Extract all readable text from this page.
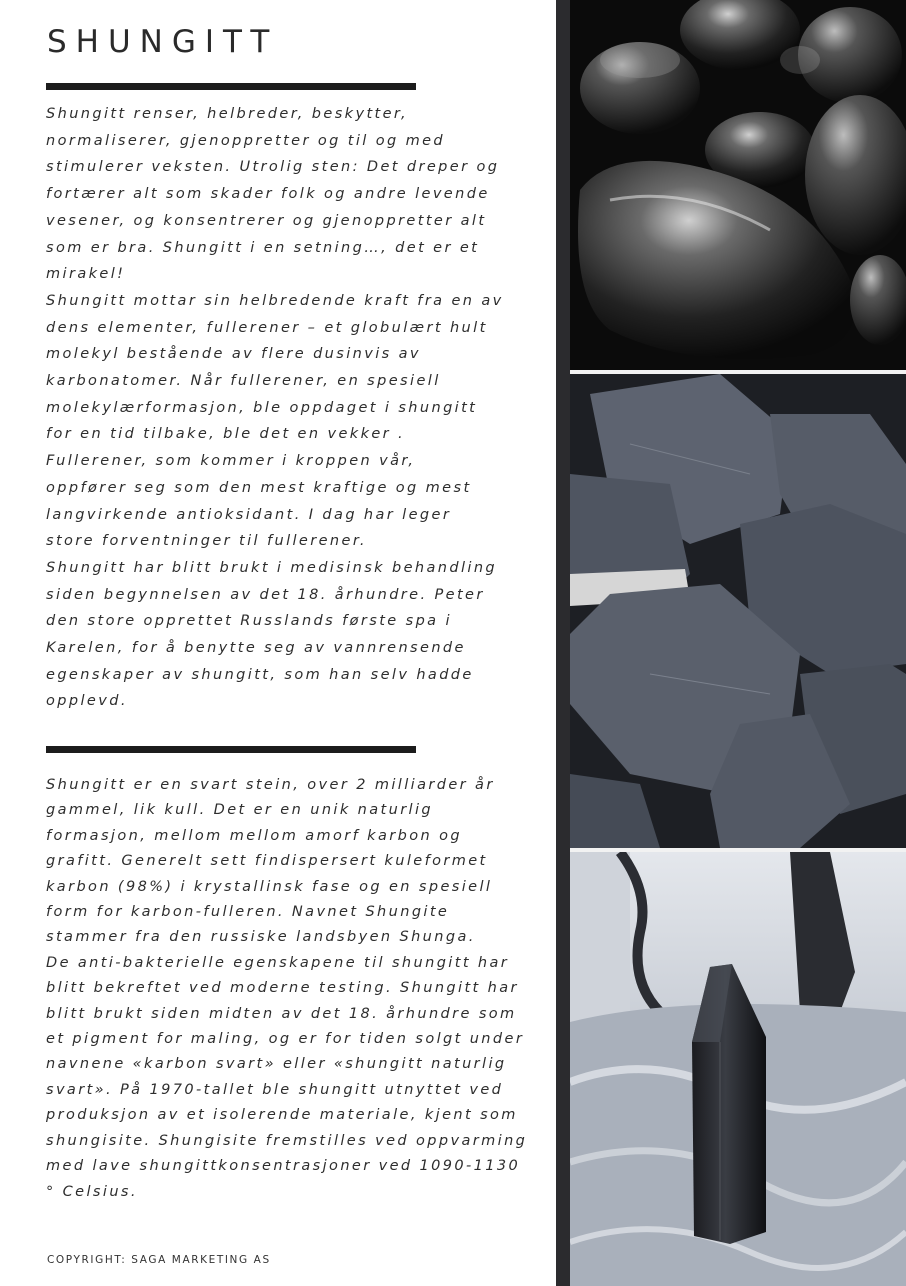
SHUNGITT
Shungitt renser, helbreder, beskytter,
normaliserer, gjenoppretter og til og med
stimulerer veksten. Utrolig sten: Det dreper og
fortærer alt som skader folk og andre levende
vesener, og konsentrerer og gjenoppretter alt
som er bra. Shungitt i en setning…, det er et
mirakel!
Shungitt mottar sin helbredende kraft fra en av
dens elementer, fullerener – et globulært hult
molekyl bestående av flere dusinvis av
karbonatomer. Når fullerener, en spesiell
molekylærformasjon, ble oppdaget i shungitt
for en tid tilbake, ble det en vekker .
Fullerener, som kommer i kroppen vår,
oppfører seg som den mest kraftige og mest
langvirkende antioksidant. I dag har leger
store forventninger til fullerener.
Shungitt har blitt brukt i medisinsk behandling
siden begynnelsen av det 18. århundre. Peter
den store opprettet Russlands første spa i
Karelen, for å benytte seg av vannrensende
egenskaper av shungitt, som han selv hadde
opplevd.
Shungitt er en svart stein, over 2 milliarder år
gammel, lik kull. Det er en unik naturlig
formasjon, mellom mellom amorf karbon og
grafitt. Generelt sett findispersert kuleformet
karbon (98%) i krystallinsk fase og en spesiell
form for karbon-fulleren. Navnet Shungite
stammer fra den russiske landsbyen Shunga.
De anti-bakterielle egenskapene til shungitt har
blitt bekreftet ved moderne testing. Shungitt har
blitt brukt siden midten av det 18. århundre som
et pigment for maling, og er for tiden solgt under
navnene «karbon svart» eller «shungitt naturlig
svart». På 1970-tallet ble shungitt utnyttet ved
produksjon av et isolerende materiale, kjent som
shungisite. Shungisite fremstilles ved oppvarming
med lave shungittkonsentrasjoner ved 1090-1130
° Celsius.
COPYRIGHT: SAGA MARKETING AS
